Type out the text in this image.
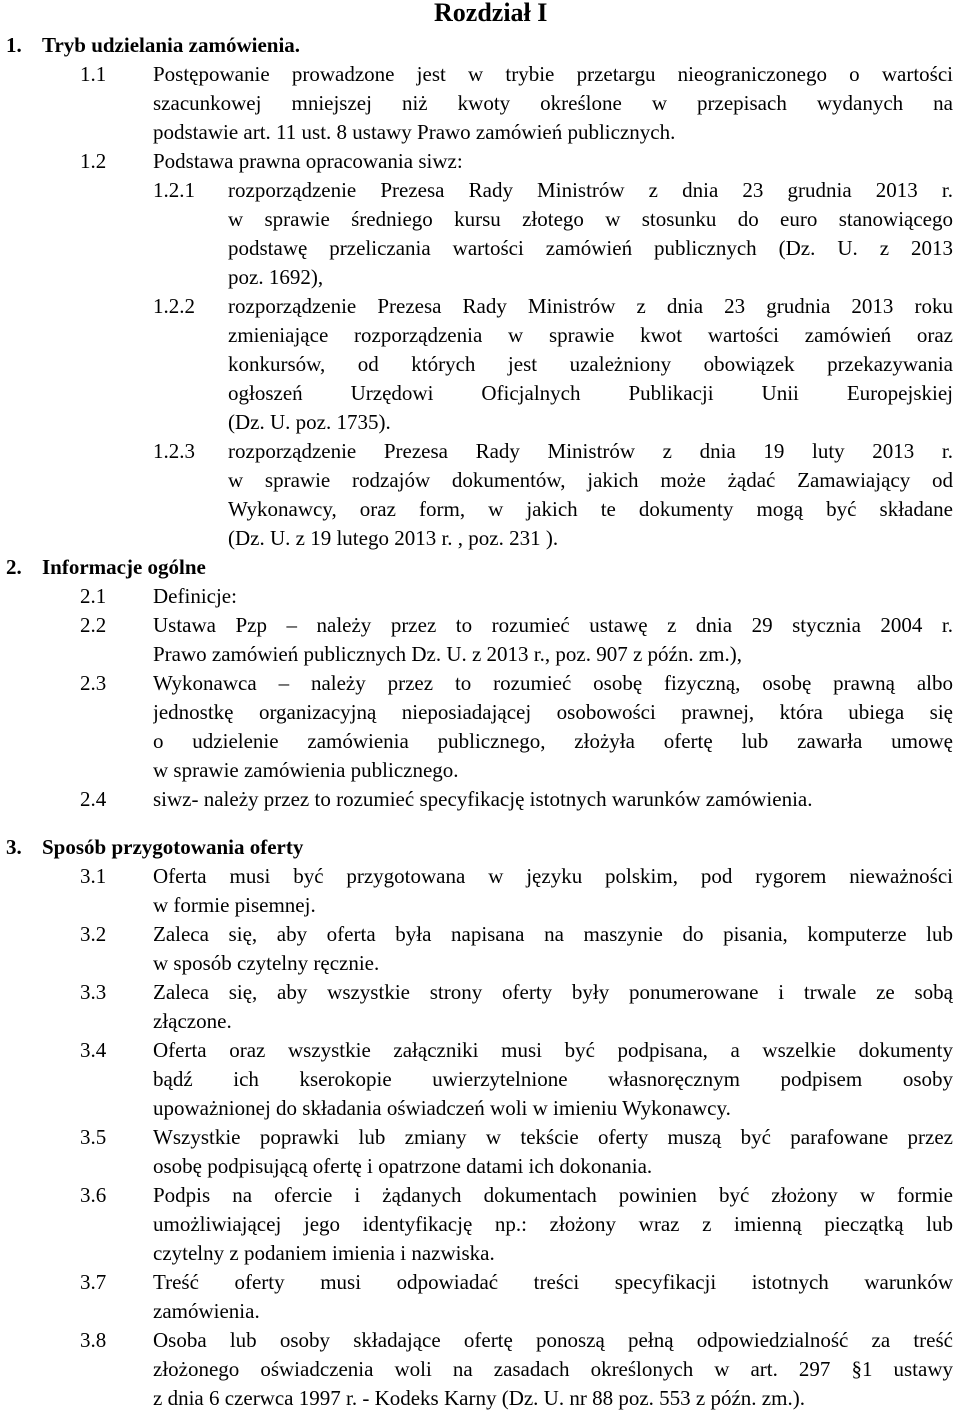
Rozdział I
1. Tryb udzielania zamówienia.
1.1 Postępowanie prowadzone jest w trybie przetargu nieograniczonego o wartości
szacunkowej mniejszej niż kwoty określone w przepisach wydanych na
podstawie art. 11 ust. 8 ustawy Prawo zamówień publicznych.
1.2 Podstawa prawna opracowania siwz:
1.2.1 rozporządzenie Prezesa Rady Ministrów z dnia 23 grudnia 2013 r.
w sprawie średniego kursu złotego w stosunku do euro stanowiącego
podstawę przeliczania wartości zamówień publicznych (Dz. U. z 2013
poz. 1692),
1.2.2 rozporządzenie Prezesa Rady Ministrów z dnia 23 grudnia 2013 roku
zmieniające rozporządzenia w sprawie kwot wartości zamówień oraz
konkursów, od których jest uzależniony obowiązek przekazywania
ogłoszeń Urzędowi Oficjalnych Publikacji Unii Europejskiej
(Dz. U. poz. 1735).
1.2.3 rozporządzenie Prezesa Rady Ministrów z dnia 19 luty 2013 r.
w sprawie rodzajów dokumentów, jakich może żądać Zamawiający od
Wykonawcy, oraz form, w jakich te dokumenty mogą być składane
(Dz. U. z 19 lutego 2013 r. , poz. 231 ).
2. Informacje ogólne
2.1 Definicje:
2.2 Ustawa Pzp – należy przez to rozumieć ustawę z dnia 29 stycznia 2004 r.
Prawo zamówień publicznych Dz. U. z 2013 r., poz. 907 z późn. zm.),
2.3 Wykonawca – należy przez to rozumieć osobę fizyczną, osobę prawną albo
jednostkę organizacyjną nieposiadającej osobowości prawnej, która ubiega się
o udzielenie zamówienia publicznego, złożyła ofertę lub zawarła umowę
w sprawie zamówienia publicznego.
2.4 siwz- należy przez to rozumieć specyfikację istotnych warunków zamówienia.
3. Sposób przygotowania oferty
3.1 Oferta musi być przygotowana w języku polskim, pod rygorem nieważności
w formie pisemnej.
3.2 Zaleca się, aby oferta była napisana na maszynie do pisania, komputerze lub
w sposób czytelny ręcznie.
3.3 Zaleca się, aby wszystkie strony oferty były ponumerowane i trwale ze sobą
złączone.
3.4 Oferta oraz wszystkie załączniki musi być podpisana, a wszelkie dokumenty
bądź ich kserokopie uwierzytelnione własnoręcznym podpisem osoby
upoważnionej do składania oświadczeń woli w imieniu Wykonawcy.
3.5 Wszystkie poprawki lub zmiany w tekście oferty muszą być parafowane przez
osobę podpisującą ofertę i opatrzone datami ich dokonania.
3.6 Podpis na ofercie i żądanych dokumentach powinien być złożony w formie
umożliwiającej jego identyfikację np.: złożony wraz z imienną pieczątką lub
czytelny z podaniem imienia i nazwiska.
3.7 Treść oferty musi odpowiadać treści specyfikacji istotnych warunków
zamówienia.
3.8 Osoba lub osoby składające ofertę ponoszą pełną odpowiedzialność za treść
złożonego oświadczenia woli na zasadach określonych w art. 297 §1 ustawy
z dnia 6 czerwca 1997 r. - Kodeks Karny (Dz. U. nr 88 poz. 553 z późn. zm.).
